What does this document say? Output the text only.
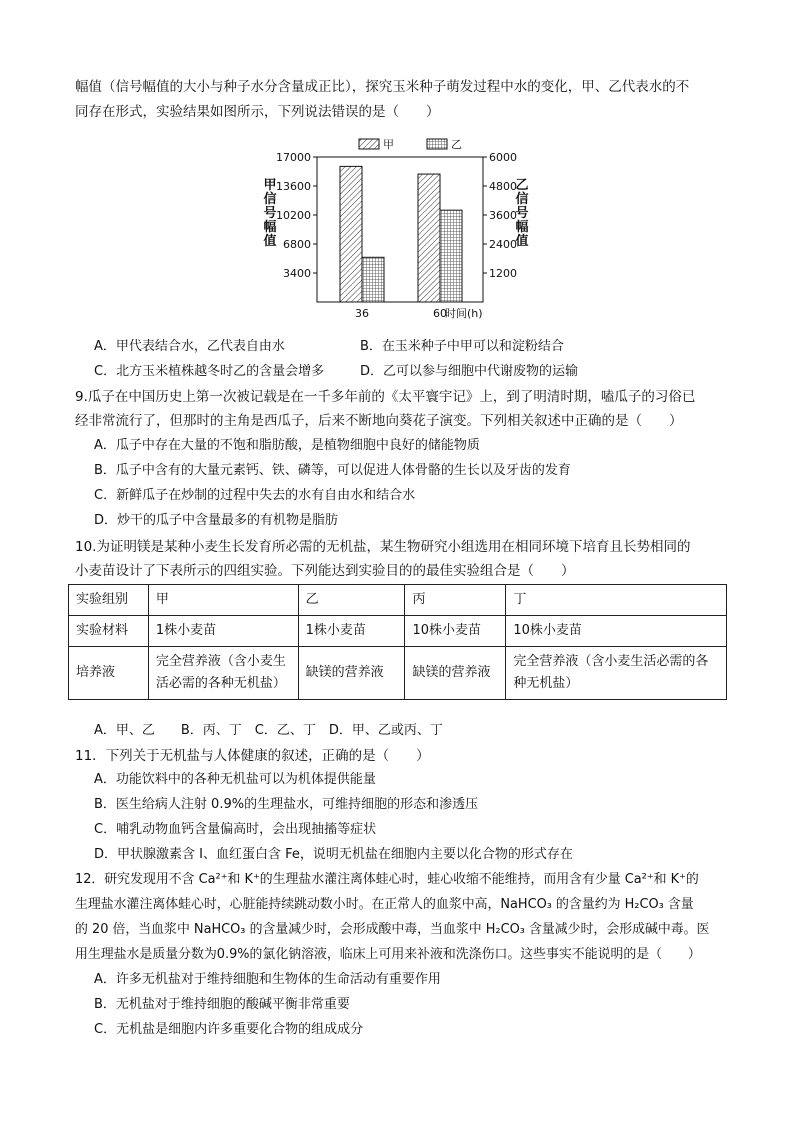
幅值（信号幅值的大小与种子水分含量成正比），探究玉米种子萌发过程中水的变化，甲、乙代表水的不
同存在形式，实验结果如图所示，下列说法错误的是（　　）
3400
6800
10200
13600
17000
1200
2400
3600
4800
6000
甲
信
号
幅
值
乙
信
号
幅
值
36	60
时间(h)
甲	乙
A．甲代表结合水，乙代表自由水	B．在玉米种子中甲可以和淀粉结合
C．北方玉米植株越冬时乙的含量会增多	D．乙可以参与细胞中代谢废物的运输
9.瓜子在中国历史上第一次被记载是在一千多年前的《太平寰宇记》上，到了明清时期，嗑瓜子的习俗已
经非常流行了，但那时的主角是西瓜子，后来不断地向葵花子演变。下列相关叙述中正确的是（　　）
A．瓜子中存在大量的不饱和脂肪酸，是植物细胞中良好的储能物质
B．瓜子中含有的大量元素钙、铁、磷等，可以促进人体骨骼的生长以及牙齿的发育
C．新鲜瓜子在炒制的过程中失去的水有自由水和结合水
D．炒干的瓜子中含量最多的有机物是脂肪
10.为证明镁是某种小麦生长发育所必需的无机盐，某生物研究小组选用在相同环境下培育且长势相同的
小麦苗设计了下表所示的四组实验。下列能达到实验目的的最佳实验组合是（　　）
实验组别	甲	乙	丙	丁
实验材料	1株小麦苗	1株小麦苗	10株小麦苗	10株小麦苗
培养液	完全营养液（含小麦生活必需的各种无机盐）	缺镁的营养液	缺镁的营养液	完全营养液（含小麦生活必需的各种无机盐）
A．甲、乙　　B．丙、丁　C．乙、丁　D．甲、乙或丙、丁
11．下列关于无机盐与人体健康的叙述，正确的是（　　）
A．功能饮料中的各种无机盐可以为机体提供能量
B．医生给病人注射 0.9%的生理盐水，可维持细胞的形态和渗透压
C．哺乳动物血钙含量偏高时，会出现抽搐等症状
D．甲状腺激素含 I、血红蛋白含 Fe，说明无机盐在细胞内主要以化合物的形式存在
12．研究发现用不含 Ca²⁺和 K⁺的生理盐水灌注离体蛙心时，蛙心收缩不能维持，而用含有少量 Ca²⁺和 K⁺的
生理盐水灌注离体蛙心时，心脏能持续跳动数小时。在正常人的血浆中高，NaHCO₃ 的含量约为 H₂CO₃ 含量
的 20 倍，当血浆中 NaHCO₃ 的含量减少时，会形成酸中毒，当血浆中 H₂CO₃ 含量减少时，会形成碱中毒。医
用生理盐水是质量分数为0.9%的氯化钠溶液，临床上可用来补液和洗涤伤口。这些事实不能说明的是（　　）
A．许多无机盐对于维持细胞和生物体的生命活动有重要作用
B．无机盐对于维持细胞的酸碱平衡非常重要
C．无机盐是细胞内许多重要化合物的组成成分
